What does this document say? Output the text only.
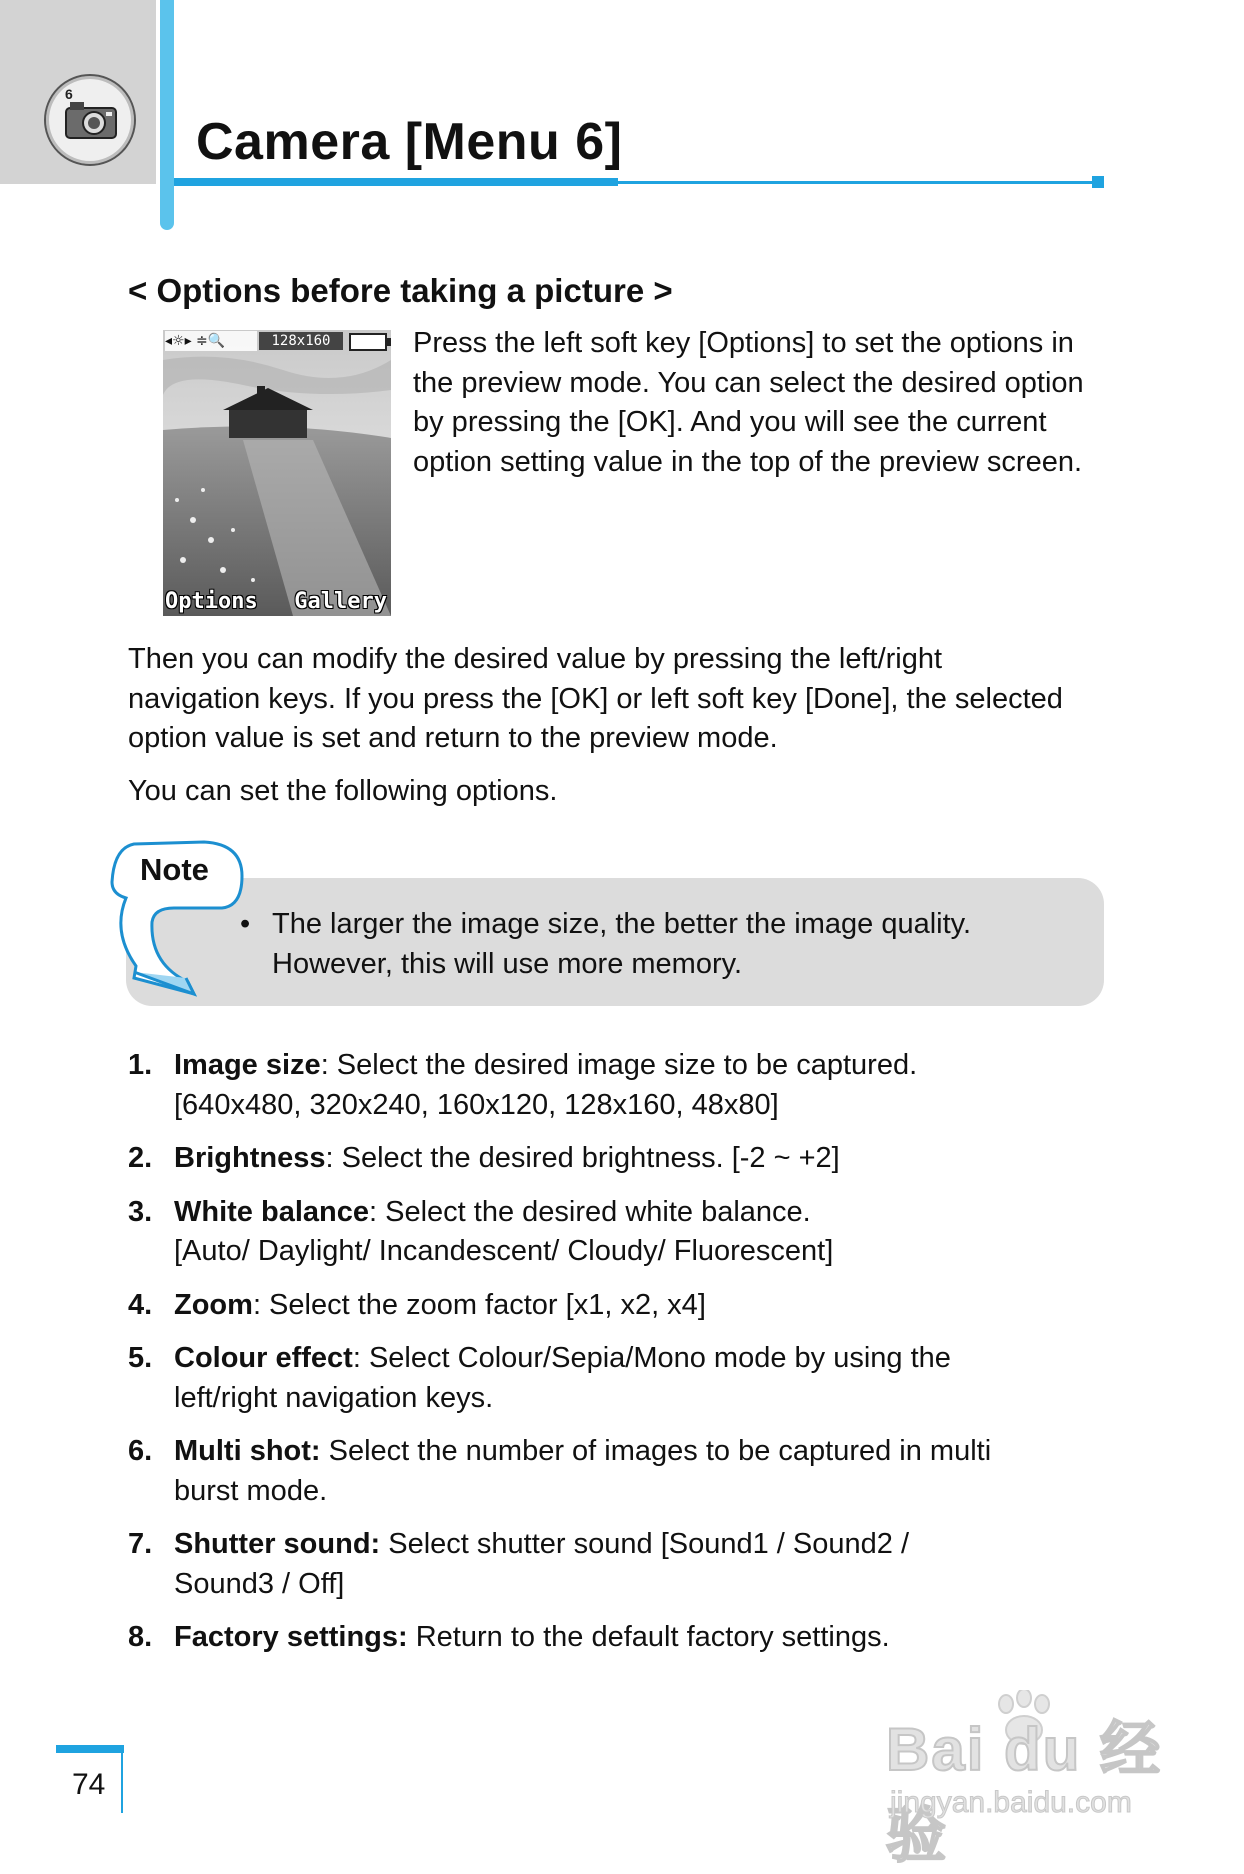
6
Camera [Menu 6]
< Options before taking a picture >
◂☼▸ ≑🔍	128x160
Options Gallery
Press the left soft key [Options] to set the options in the preview mode. You can select the desired option by pressing the [OK]. And you will see the current option setting value in the top of the preview screen.
Then you can modify the desired value by pressing the left/right navigation keys. If you press the [OK] or left soft key [Done], the selected option value is set and return to the preview mode.
You can set the following options.
Note
• The larger the image size, the better the image quality.
However, this will use more memory.
1. Image size: Select the desired image size to be captured.
[640x480, 320x240, 160x120, 128x160, 48x80]
2. Brightness: Select the desired brightness. [-2 ~ +2]
3. White balance: Select the desired white balance.
[Auto/ Daylight/ Incandescent/ Cloudy/ Fluorescent]
4. Zoom: Select the zoom factor [x1, x2, x4]
5. Colour effect: Select Colour/Sepia/Mono mode by using the
left/right navigation keys.
6. Multi shot: Select the number of images to be captured in multi
burst mode.
7. Shutter sound: Select shutter sound [Sound1 / Sound2 /
Sound3 / Off]
8. Factory settings: Return to the default factory settings.
74
Bai du 经验
jingyan.baidu.com
